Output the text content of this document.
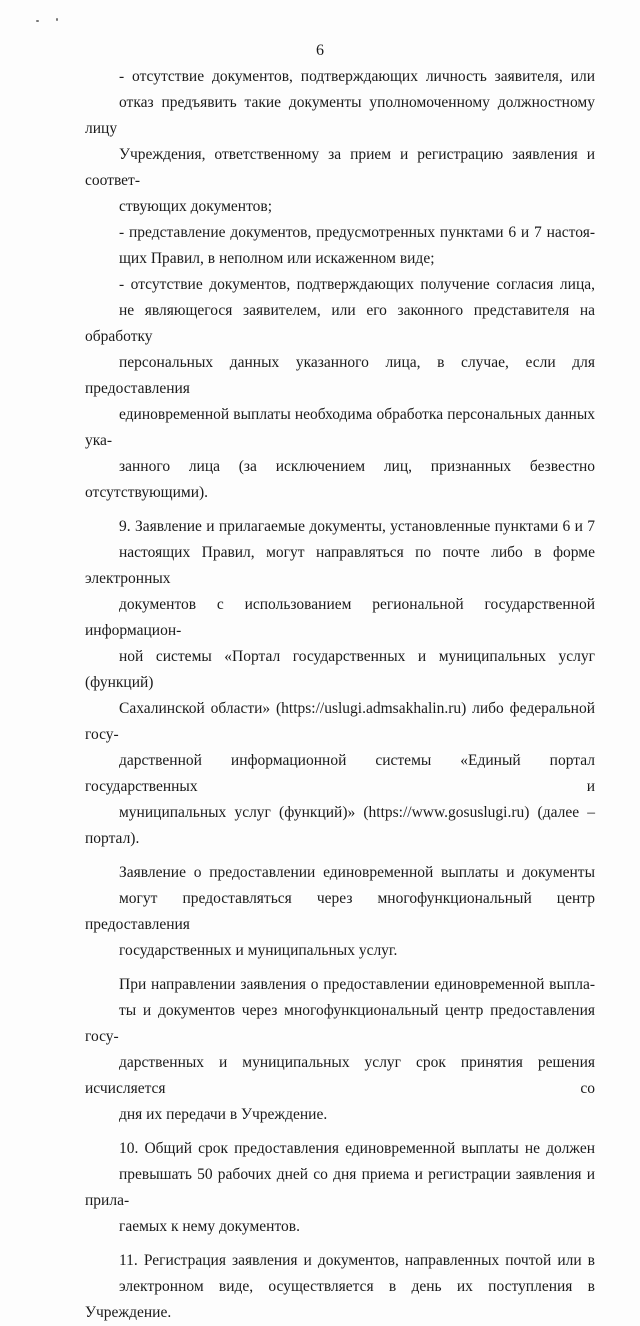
6

- отсутствие документов, подтверждающих личность заявителя, или
отказ предъявить такие документы уполномоченному должностному лицу
Учреждения, ответственному за прием и регистрацию заявления и соответ-
ствующих документов;

- представление документов, предусмотренных пунктами 6 и 7 настоя-
щих Правил, в неполном или искаженном виде;

- отсутствие документов, подтверждающих получение согласия лица,
не являющегося заявителем, или его законного представителя на обработку
персональных данных указанного лица, в случае, если для предоставления
единовременной выплаты необходима обработка персональных данных ука-
занного лица (за исключением лиц, признанных безвестно отсутствующими).

9. Заявление и прилагаемые документы, установленные пунктами 6 и 7
настоящих Правил, могут направляться по почте либо в форме электронных
документов с использованием региональной государственной информацион-
ной системы «Портал государственных и муниципальных услуг (функций)
Сахалинской области» (https://uslugi.admsakhalin.ru) либо федеральной госу-
дарственной информационной системы «Единый портал государственных и
муниципальных услуг (функций)» (https://www.gosuslugi.ru) (далее – портал).

Заявление о предоставлении единовременной выплаты и документы
могут предоставляться через многофункциональный центр предоставления
государственных и муниципальных услуг.

При направлении заявления о предоставлении единовременной выпла-
ты и документов через многофункциональный центр предоставления госу-
дарственных и муниципальных услуг срок принятия решения исчисляется со
дня их передачи в Учреждение.

10. Общий срок предоставления единовременной выплаты не должен
превышать 50 рабочих дней со дня приема и регистрации заявления и прила-
гаемых к нему документов.

11. Регистрация заявления и документов, направленных почтой или в
электронном виде, осуществляется в день их поступления в Учреждение.
